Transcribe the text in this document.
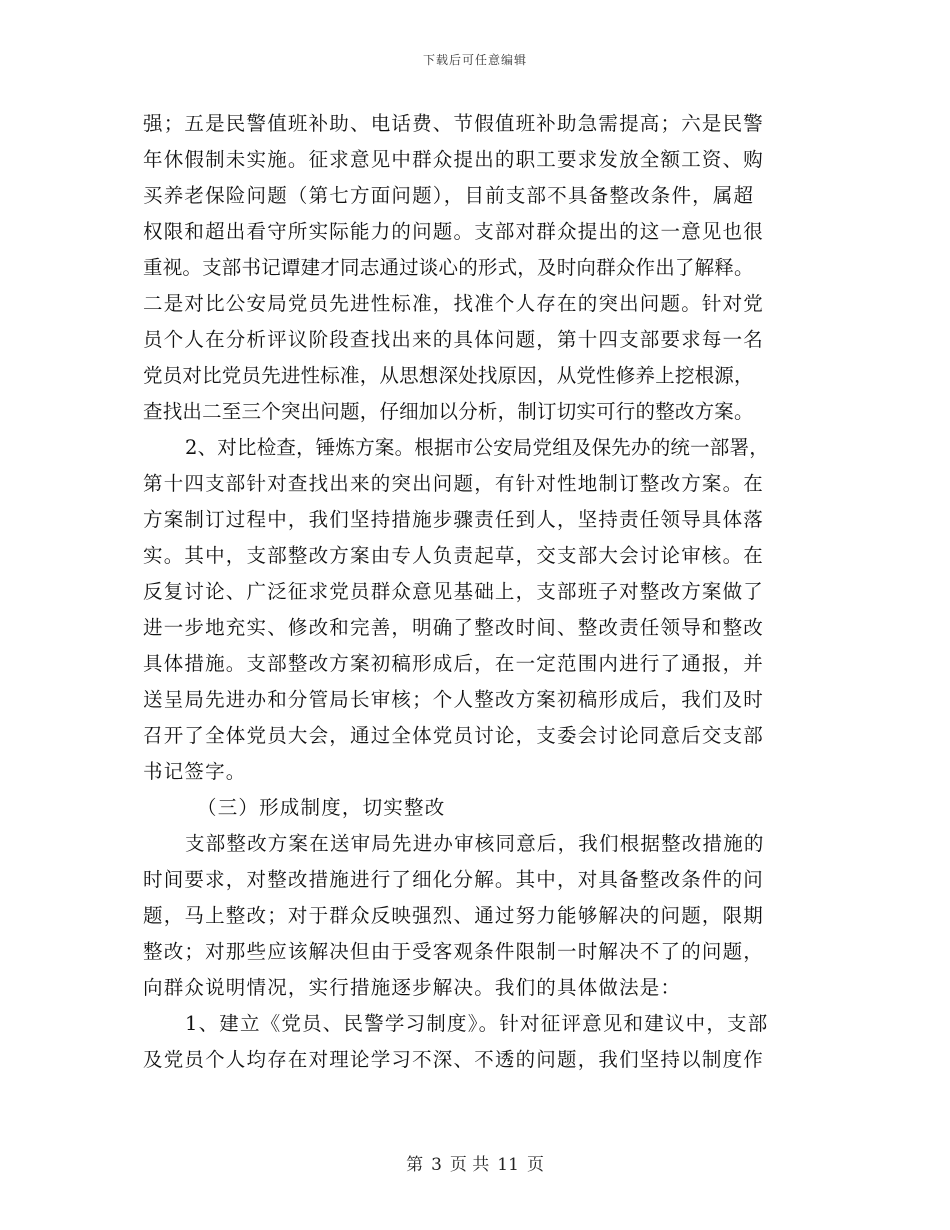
下载后可任意编辑
强；五是民警值班补助、电话费、节假值班补助急需提高；六是民警
年休假制未实施。征求意见中群众提出的职工要求发放全额工资、购
买养老保险问题（第七方面问题），目前支部不具备整改条件，属超
权限和超出看守所实际能力的问题。支部对群众提出的这一意见也很
重视。支部书记谭建才同志通过谈心的形式，及时向群众作出了解释。
二是对比公安局党员先进性标准，找准个人存在的突出问题。针对党
员个人在分析评议阶段查找出来的具体问题，第十四支部要求每一名
党员对比党员先进性标准，从思想深处找原因，从党性修养上挖根源，
查找出二至三个突出问题，仔细加以分析，制订切实可行的整改方案。
2、对比检查，锤炼方案。根据市公安局党组及保先办的统一部署，
第十四支部针对查找出来的突出问题，有针对性地制订整改方案。在
方案制订过程中，我们坚持措施步骤责任到人，坚持责任领导具体落
实。其中，支部整改方案由专人负责起草，交支部大会讨论审核。在
反复讨论、广泛征求党员群众意见基础上，支部班子对整改方案做了
进一步地充实、修改和完善，明确了整改时间、整改责任领导和整改
具体措施。支部整改方案初稿形成后，在一定范围内进行了通报，并
送呈局先进办和分管局长审核；个人整改方案初稿形成后，我们及时
召开了全体党员大会，通过全体党员讨论，支委会讨论同意后交支部
书记签字。
（三）形成制度，切实整改
支部整改方案在送审局先进办审核同意后，我们根据整改措施的
时间要求，对整改措施进行了细化分解。其中，对具备整改条件的问
题，马上整改；对于群众反映强烈、通过努力能够解决的问题，限期
整改；对那些应该解决但由于受客观条件限制一时解决不了的问题，
向群众说明情况，实行措施逐步解决。我们的具体做法是：
1、建立《党员、民警学习制度》。针对征评意见和建议中，支部
及党员个人均存在对理论学习不深、不透的问题，我们坚持以制度作
第 3 页 共 11 页
